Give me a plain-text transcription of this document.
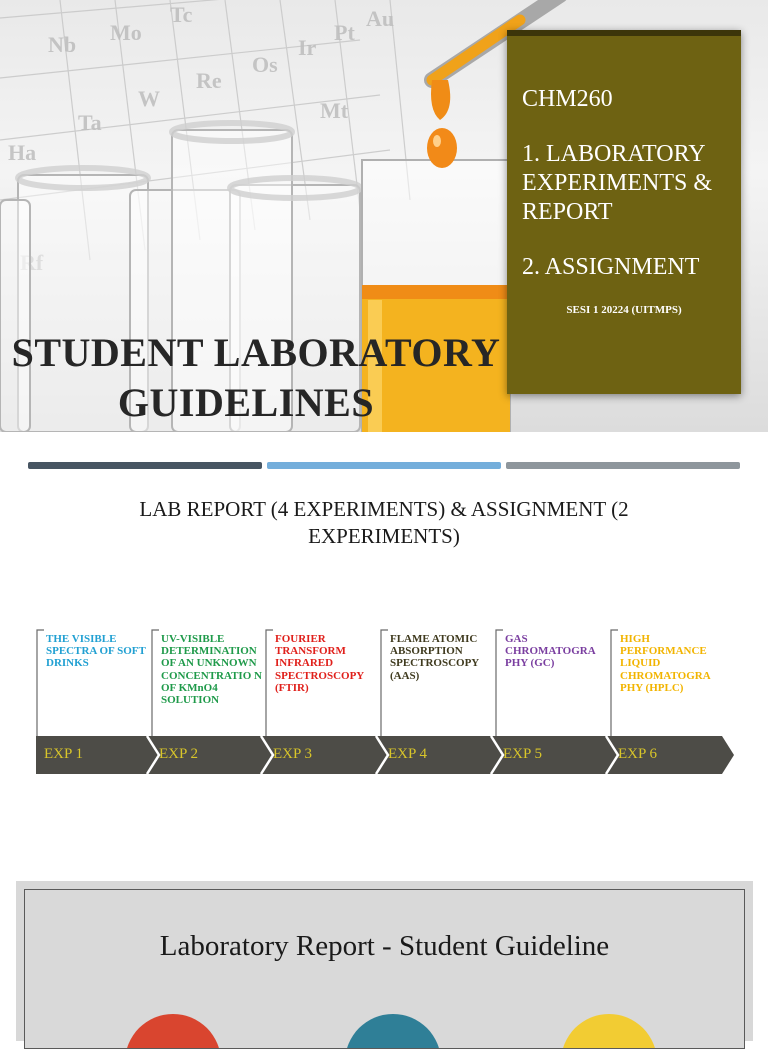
Nb Mo
Tc
W
Re
Os
Ir
Pt
Au
Ta
Ha
Mt	CHM260
1. LABORATORY EXPERIMENTS & REPORT
2. ASSIGNMENT
SESI 1 20224 (UITMPS)
STUDENT LABORATORY
GUIDELINES
LAB REPORT (4 EXPERIMENTS) & ASSIGNMENT (2 EXPERIMENTS)
THE VISIBLE SPECTRA OF SOFT DRINKS
EXP 1
UV-VISIBLE DETERMINATION OF AN UNKNOWN CONCENTRATIO N OF KMnO4 SOLUTION
EXP 2
FOURIER TRANSFORM INFRARED SPECTROSCOPY (FTIR)
EXP 3
FLAME ATOMIC ABSORPTION SPECTROSCOPY (AAS)
EXP 4
GAS CHROMATOGRA PHY (GC)
EXP 5
HIGH PERFORMANCE LIQUID CHROMATOGRA PHY (HPLC)
EXP 6
Laboratory Report - Student Guideline
